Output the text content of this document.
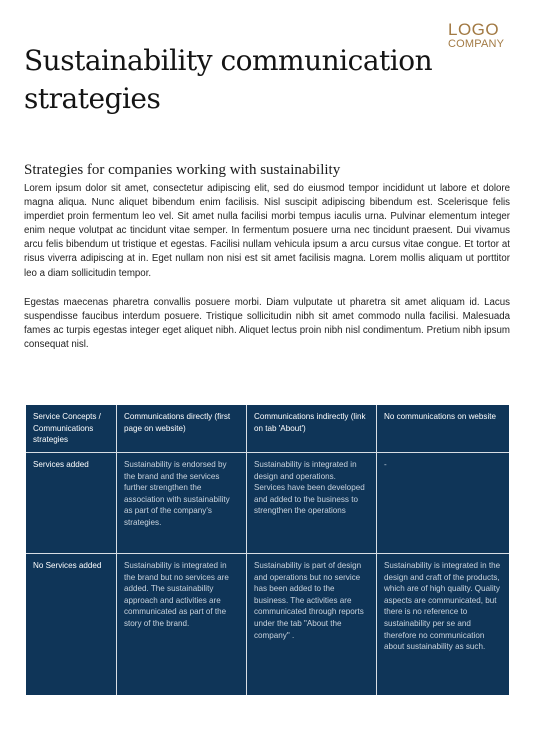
LOGO
COMPANY
Sustainability communication strategies
Strategies for companies working with sustainability

Lorem ipsum dolor sit amet, consectetur adipiscing elit, sed do eiusmod tempor incididunt ut labore et dolore magna aliqua. Nunc aliquet bibendum enim facilisis. Nisl suscipit adipiscing bibendum est. Scelerisque felis imperdiet proin fermentum leo vel. Sit amet nulla facilisi morbi tempus iaculis urna. Pulvinar elementum integer enim neque volutpat ac tincidunt vitae semper. In fermentum posuere urna nec tincidunt praesent. Dui vivamus arcu felis bibendum ut tristique et egestas. Facilisi nullam vehicula ipsum a arcu cursus vitae congue. Et tortor at risus viverra adipiscing at in. Eget nullam non nisi est sit amet facilisis magna. Lorem mollis aliquam ut porttitor leo a diam sollicitudin tempor.

Egestas maecenas pharetra convallis posuere morbi. Diam vulputate ut pharetra sit amet aliquam id. Lacus suspendisse faucibus interdum posuere. Tristique sollicitudin nibh sit amet commodo nulla facilisi. Malesuada fames ac turpis egestas integer eget aliquet nibh. Aliquet lectus proin nibh nisl condimentum. Pretium nibh ipsum consequat nisl.

Service Concepts / Communications strategies
Communications directly (first page on website)
Communications indirectly (link on tab 'About')
No communications on website
Services added	Sustainability is endorsed by the brand and the services further strengthen the association with sustainability as part of the company's strategies.
Sustainability is integrated in design and operations. Services have been developed and added to the business to strengthen the operations
-
No Services added	Sustainability is integrated in the brand but no services are added. The sustainability approach and activities are communicated as part of the story of the brand.
Sustainability is part of design and operations but no service has been added to the business. The activities are communicated through reports under the tab "About the company" .
Sustainability is integrated in the design and craft of the products, which are of high quality. Quality aspects are communicated, but there is no reference to sustainability per se and therefore no communication about sustainability as such.
